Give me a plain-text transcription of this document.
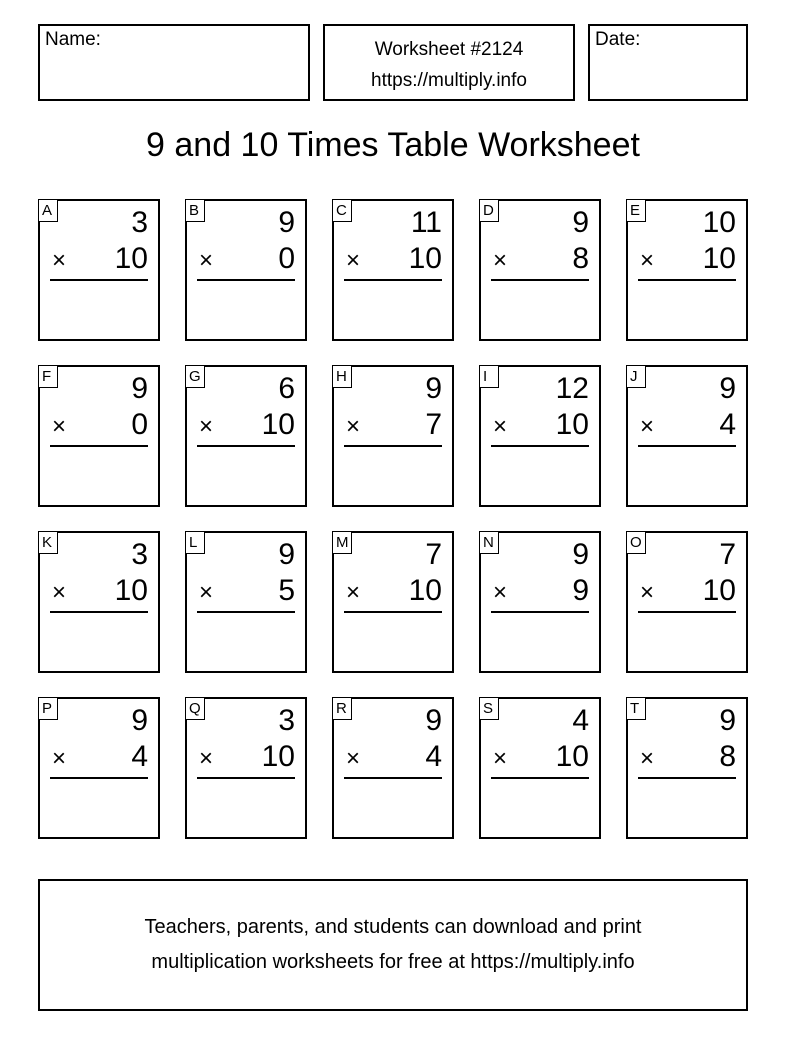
Name:	Worksheet #2124
https://multiply.info
Date:
9 and 10 Times Table Worksheet
A	3
× 10
B	9
× 0
C 11
× 10
D	9
× 8
E 10
× 10
F	9
× 0
G	6
× 10
H	9
× 7
I	12
× 10
J	9
× 4
K	3
× 10
L	9
× 5
M	7
× 10
N	9
× 9
O	7
× 10
P	9
× 4
Q	3
× 10
R	9
× 4
S	4
× 10
T	9
× 8
Teachers, parents, and students can download and print
multiplication worksheets for free at https://multiply.info
